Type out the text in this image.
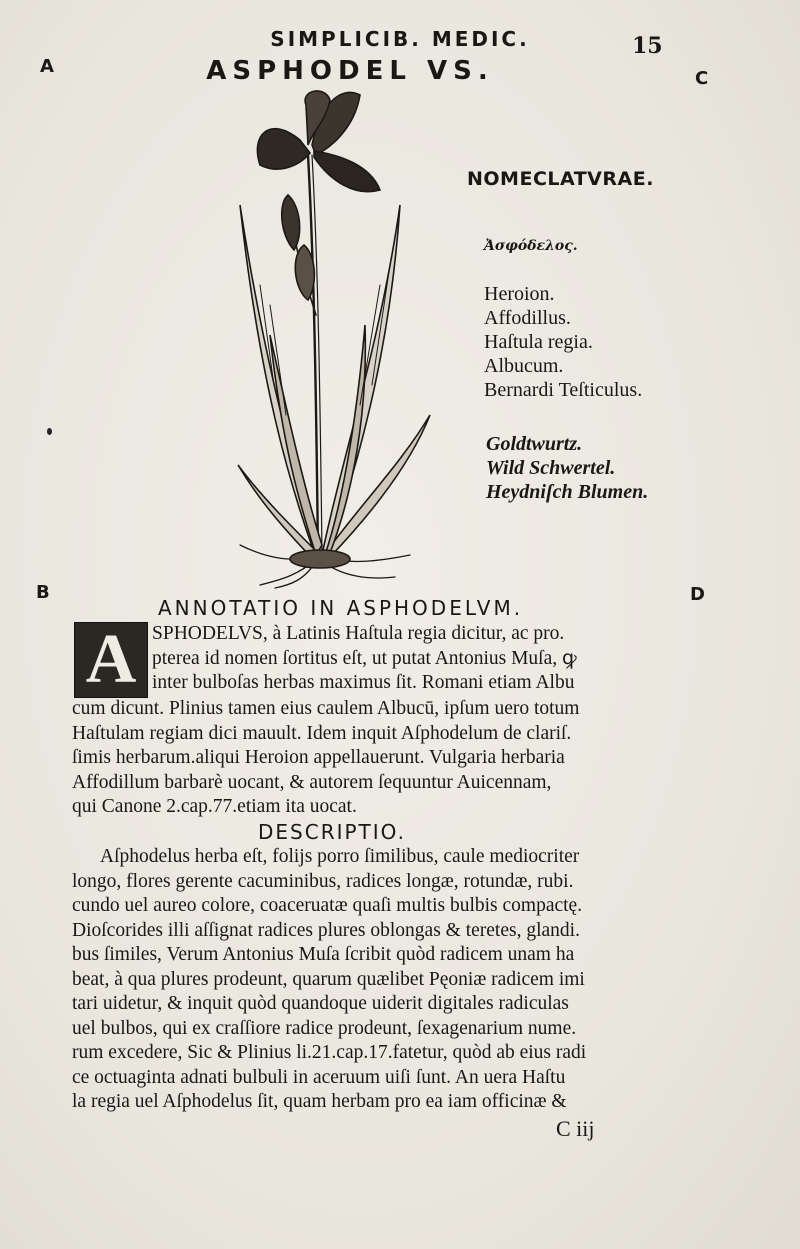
SIMPLICIB. MEDIC.	15
ASPHODEL VS.
A
C
B	D
NOMECLATVRAE.
Ἀσφόδελος.
Heroion.
Affodillus.
Haſtula regia.
Albucum.
Bernardi Teſticulus.
Goldtwurtz.
Wild Schwertel.
Heydniſch Blumen.
ANNOTATIO IN ASPHODELVM.
A SPHODELVS, à Latinis Haſtula regia dicitur, ac pro.
pterea id nomen ſortitus eſt, ut putat Antonius Muſa, ꝙ
inter bulboſas herbas maximus ſit. Romani etiam Albu
cum dicunt. Plinius tamen eius caulem Albucū, ipſum uero totum
Haſtulam regiam dici mauult. Idem inquit Aſphodelum de clariſ.
ſimis herbarum.aliqui Heroion appellauerunt. Vulgaria herbaria
Affodillum barbarè uocant, & autorem ſequuntur Auicennam,
qui Canone 2.cap.77.etiam ita uocat.
DESCRIPTIO.
Aſphodelus herba eſt, folijs porro ſimilibus, caule mediocriter
longo, flores gerente cacuminibus, radices longæ, rotundæ, rubi.
cundo uel aureo colore, coaceruatæ quaſi multis bulbis compactę.
Dioſcorides illi aſſignat radices plures oblongas & teretes, glandi.
bus ſimiles, Verum Antonius Muſa ſcribit quòd radicem unam ha
beat, à qua plures prodeunt, quarum quælibet Pęoniæ radicem imi
tari uidetur, & inquit quòd quandoque uiderit digitales radiculas
uel bulbos, qui ex craſſiore radice prodeunt, ſexagenarium nume.
rum excedere, Sic & Plinius li.21.cap.17.fatetur, quòd ab eius radi
ce octuaginta adnati bulbuli in aceruum uiſi ſunt. An uera Haſtu
la regia uel Aſphodelus ſit, quam herbam pro ea iam officinæ &
C iij
